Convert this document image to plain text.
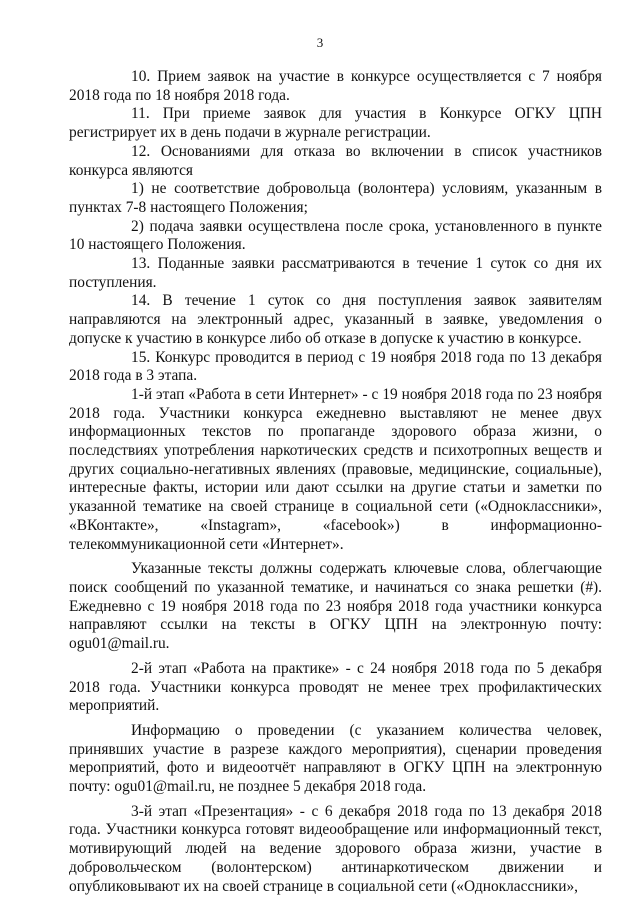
3

10. Прием заявок на участие в конкурсе осуществляется с 7 ноября 2018 года по 18 ноября 2018 года.

11. При приеме заявок для участия в Конкурсе ОГКУ ЦПН регистрирует их в день подачи в журнале регистрации.

12. Основаниями для отказа во включении в список участников конкурса являются

1) не соответствие добровольца (волонтера) условиям, указанным в пунктах 7-8 настоящего Положения;

2) подача заявки осуществлена после срока, установленного в пункте 10 настоящего Положения.

13. Поданные заявки рассматриваются в течение 1 суток со дня их поступления.

14. В течение 1 суток со дня поступления заявок заявителям направляются на электронный адрес, указанный в заявке, уведомления о допуске к участию в конкурсе либо об отказе в допуске к участию в конкурсе.

15. Конкурс проводится в период с 19 ноября 2018 года по 13 декабря 2018 года в 3 этапа.

1-й этап «Работа в сети Интернет» - с 19 ноября 2018 года по 23 ноября 2018 года. Участники конкурса ежедневно выставляют не менее двух информационных текстов по пропаганде здорового образа жизни, о последствиях употребления наркотических средств и психотропных веществ и других социально-негативных явлениях (правовые, медицинские, социальные), интересные факты, истории или дают ссылки на другие статьи и заметки по указанной тематике на своей странице в социальной сети («Одноклассники», «ВКонтакте», «Instagram», «facebook») в информационно-телекоммуникационной сети «Интернет».

Указанные тексты должны содержать ключевые слова, облегчающие поиск сообщений по указанной тематике, и начинаться со знака решетки (#). Ежедневно с 19 ноября 2018 года по 23 ноября 2018 года участники конкурса направляют ссылки на тексты в ОГКУ ЦПН на электронную почту: ogu01@mail.ru.

2-й этап «Работа на практике» - с 24 ноября 2018 года по 5 декабря 2018 года. Участники конкурса проводят не менее трех профилактических мероприятий.

Информацию о проведении (с указанием количества человек, принявших участие в разрезе каждого мероприятия), сценарии проведения мероприятий, фото и видеоотчёт направляют в ОГКУ ЦПН на электронную почту: ogu01@mail.ru, не позднее 5 декабря 2018 года.

3-й этап «Презентация» - с 6 декабря 2018 года по 13 декабря 2018 года. Участники конкурса готовят видеообращение или информационный текст, мотивирующий людей на ведение здорового образа жизни, участие в добровольческом (волонтерском) антинаркотическом движении и опубликовывают их на своей странице в социальной сети («Одноклассники»,
